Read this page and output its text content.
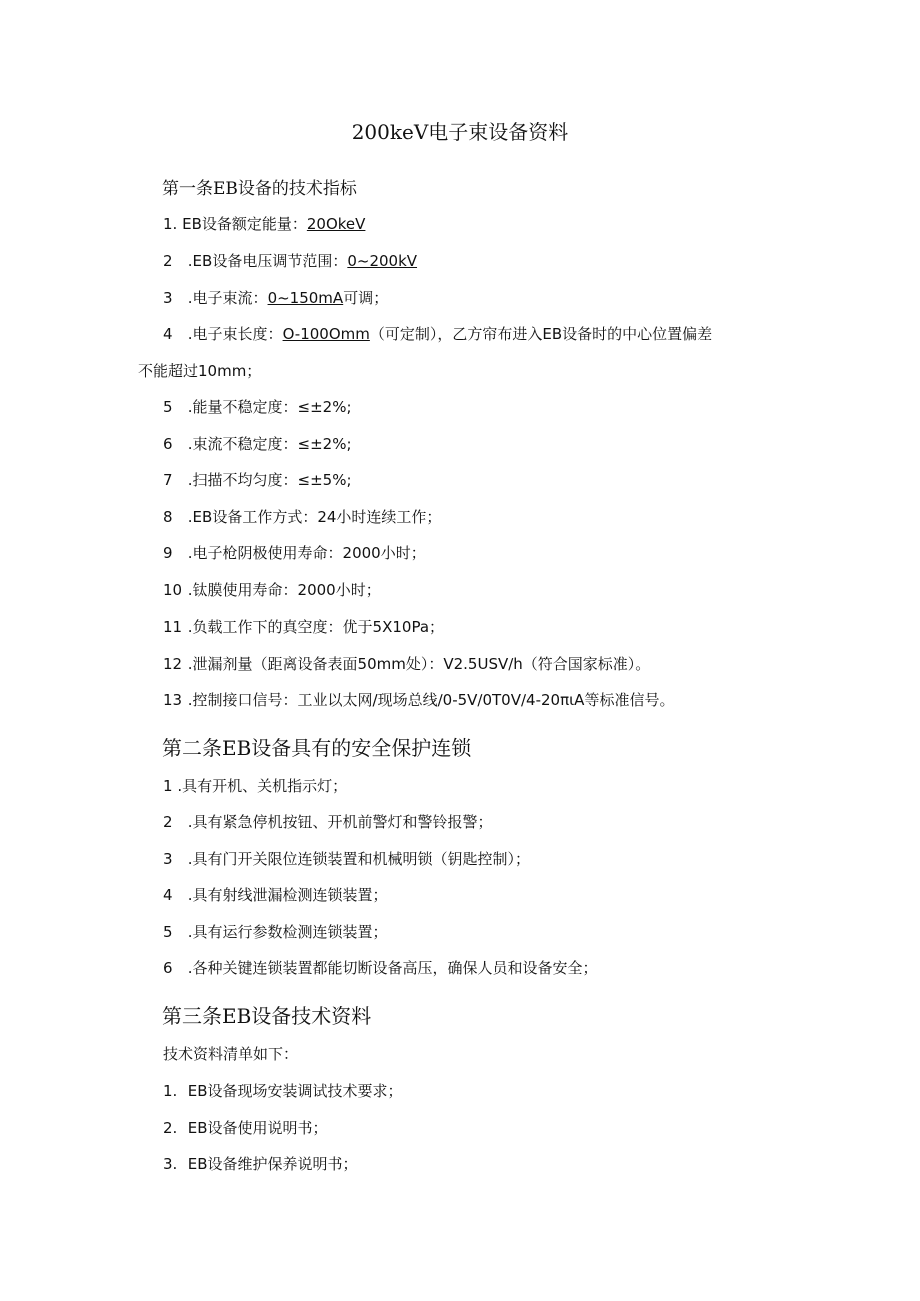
200keV电子束设备资料
第一条EB设备的技术指标
1. EB设备额定能量：20OkeV
2 .EB设备电压调节范围：0~200kV
3 .电子束流：0~150mA可调；
4 .电子束长度：O-100Omm（可定制），乙方帘布进入EB设备时的中心位置偏差
不能超过10mm；
5 .能量不稳定度：≤±2%;
6 .束流不稳定度：≤±2%;
7 .扫描不均匀度：≤±5%;
8 .EB设备工作方式：24小时连续工作；
9 .电子枪阴极使用寿命：2000小时；
10 .钛膜使用寿命：2000小时；
11 .负载工作下的真空度：优于5X10Pa；
12 .泄漏剂量（距离设备表面50mm处）：V2.5USV∕h（符合国家标准）。
13 .控制接口信号：工业以太网/现场总线∕0-5V∕0T0V∕4-20πιA等标准信号。
第二条EB设备具有的安全保护连锁
1 .具有开机、关机指示灯；
2 .具有紧急停机按钮、开机前警灯和警铃报警；
3 .具有门开关限位连锁装置和机械明锁（钥匙控制）；
4 .具有射线泄漏检测连锁装置；
5 .具有运行参数检测连锁装置；
6 .各种关键连锁装置都能切断设备高压，确保人员和设备安全；
第三条EB设备技术资料
技术资料清单如下：
1. EB设备现场安装调试技术要求；
2. EB设备使用说明书；
3. EB设备维护保养说明书；
